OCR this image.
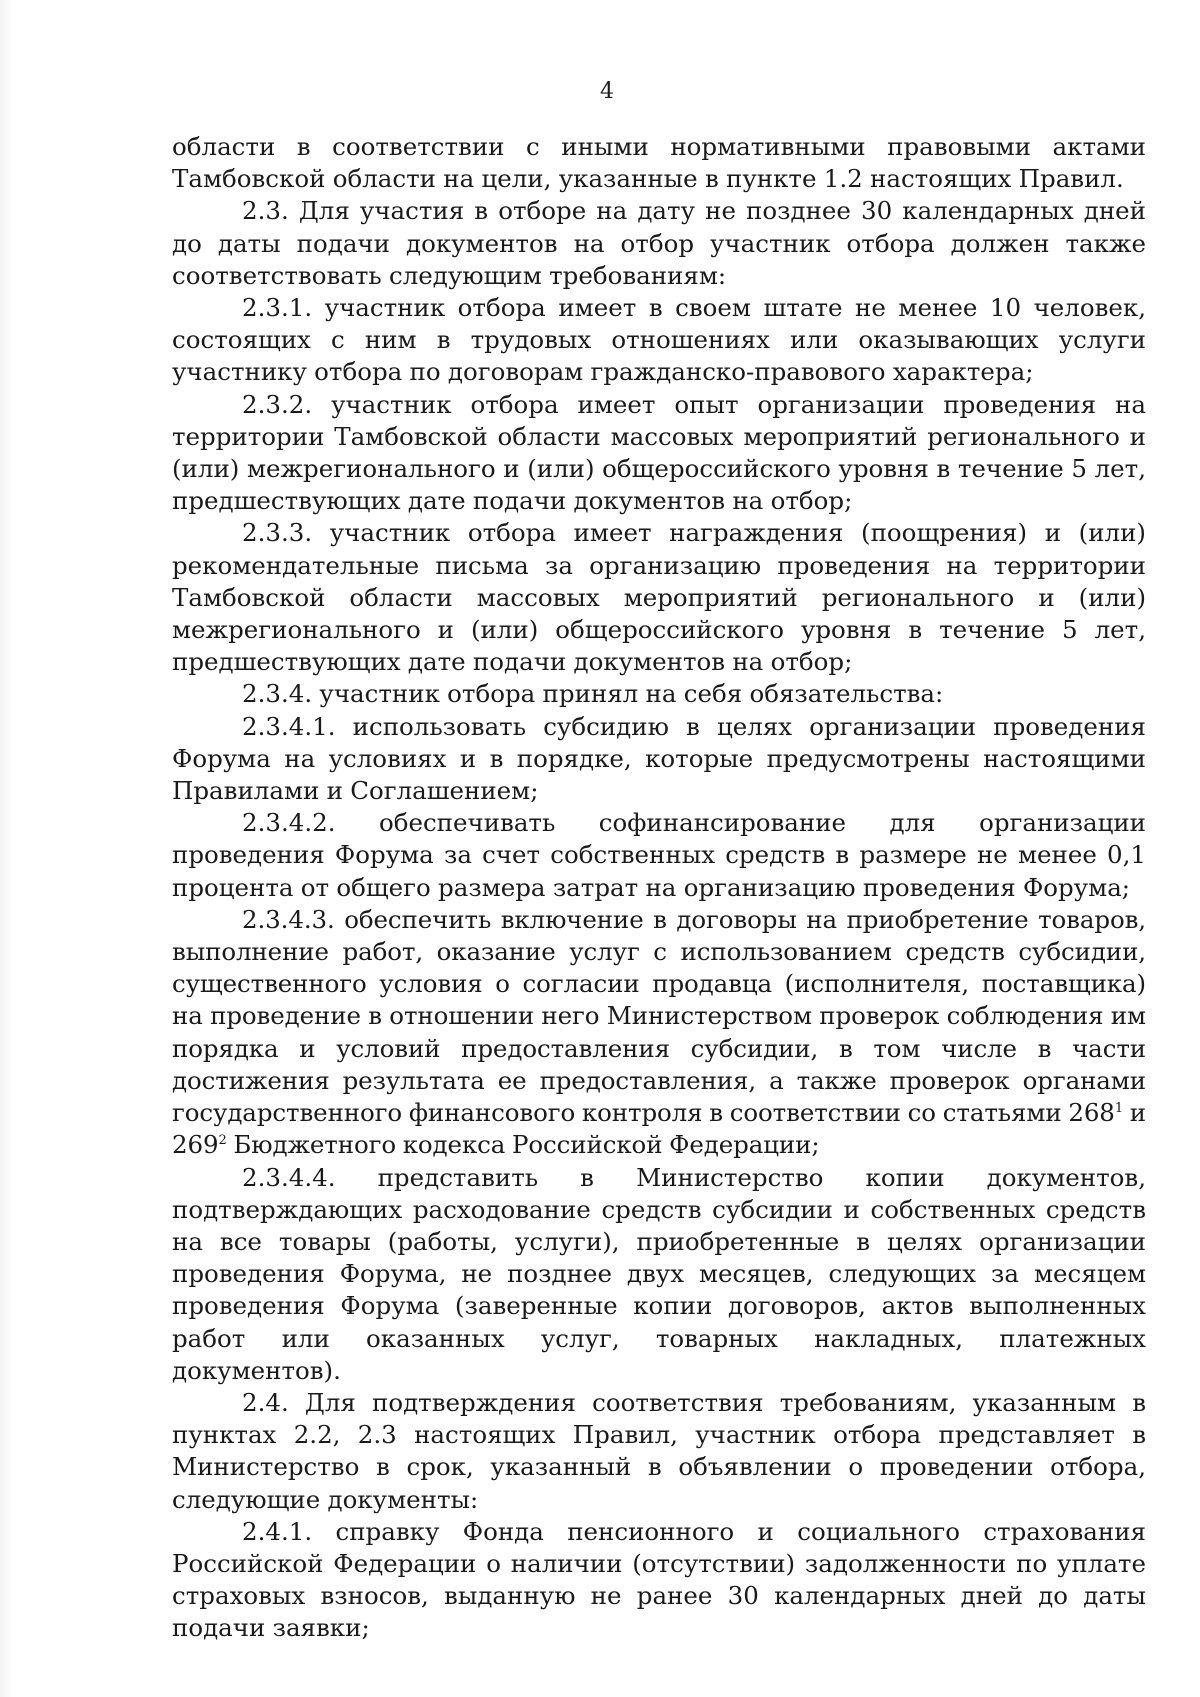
4

области в соответствии с иными нормативными правовыми актами Тамбовской области на цели, указанные в пункте 1.2 настоящих Правил.

2.3. Для участия в отборе на дату не позднее 30 календарных дней до даты подачи документов на отбор участник отбора должен также соответствовать следующим требованиям:

2.3.1. участник отбора имеет в своем штате не менее 10 человек, состоящих с ним в трудовых отношениях или оказывающих услуги участнику отбора по договорам гражданско-правового характера;

2.3.2. участник отбора имеет опыт организации проведения на территории Тамбовской области массовых мероприятий регионального и (или) межрегионального и (или) общероссийского уровня в течение 5 лет, предшествующих дате подачи документов на отбор;

2.3.3. участник отбора имеет награждения (поощрения) и (или) рекомендательные письма за организацию проведения на территории Тамбовской области массовых мероприятий регионального и (или) межрегионального и (или) общероссийского уровня в течение 5 лет, предшествующих дате подачи документов на отбор;

2.3.4. участник отбора принял на себя обязательства:

2.3.4.1. использовать субсидию в целях организации проведения Форума на условиях и в порядке, которые предусмотрены настоящими Правилами и Соглашением;

2.3.4.2. обеспечивать софинансирование для организации проведения Форума за счет собственных средств в размере не менее 0,1 процента от общего размера затрат на организацию проведения Форума;

2.3.4.3. обеспечить включение в договоры на приобретение товаров, выполнение работ, оказание услуг с использованием средств субсидии, существенного условия о согласии продавца (исполнителя, поставщика) на проведение в отношении него Министерством проверок соблюдения им порядка и условий предоставления субсидии, в том числе в части достижения результата ее предоставления, а также проверок органами государственного финансового контроля в соответствии со статьями 268$^1$ и 269$^2$ Бюджетного кодекса Российской Федерации;

2.3.4.4. представить в Министерство копии документов, подтверждающих расходование средств субсидии и собственных средств на все товары (работы, услуги), приобретенные в целях организации проведения Форума, не позднее двух месяцев, следующих за месяцем проведения Форума (заверенные копии договоров, актов выполненных работ или оказанных услуг, товарных накладных, платежных документов).

2.4. Для подтверждения соответствия требованиям, указанным в пунктах 2.2, 2.3 настоящих Правил, участник отбора представляет в Министерство в срок, указанный в объявлении о проведении отбора, следующие документы:

2.4.1. справку Фонда пенсионного и социального страхования Российской Федерации о наличии (отсутствии) задолженности по уплате страховых взносов, выданную не ранее 30 календарных дней до даты подачи заявки;
